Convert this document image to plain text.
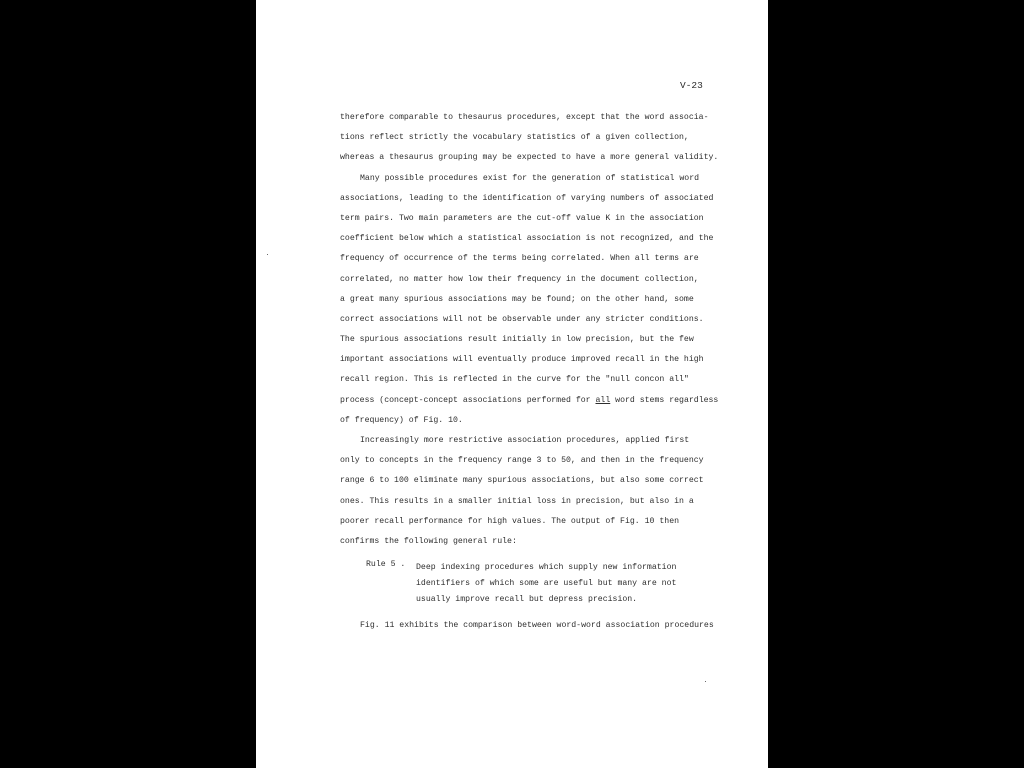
V-23
therefore comparable to thesaurus procedures, except that the word associa-
tions reflect strictly the vocabulary statistics of a given collection,
whereas a thesaurus grouping may be expected to have a more general validity.
Many possible procedures exist for the generation of statistical word
associations, leading to the identification of varying numbers of associated
term pairs. Two main parameters are the cut-off value K in the association
coefficient below which a statistical association is not recognized, and the
frequency of occurrence of the terms being correlated. When all terms are
correlated, no matter how low their frequency in the document collection,
a great many spurious associations may be found; on the other hand, some
correct associations will not be observable under any stricter conditions.
The spurious associations result initially in low precision, but the few
important associations will eventually produce improved recall in the high
recall region. This is reflected in the curve for the "null concon all"
process (concept-concept associations performed for all word stems regardless
of frequency) of Fig. 10.
Increasingly more restrictive association procedures, applied first
only to concepts in the frequency range 3 to 50, and then in the frequency
range 6 to 100 eliminate many spurious associations, but also some correct
ones. This results in a smaller initial loss in precision, but also in a
poorer recall performance for high values. The output of Fig. 10 then
confirms the following general rule:
Rule 5 .	Deep indexing procedures which supply new information
identifiers of which some are useful but many are not
usually improve recall but depress precision.
Fig. 11 exhibits the comparison between word-word association procedures
